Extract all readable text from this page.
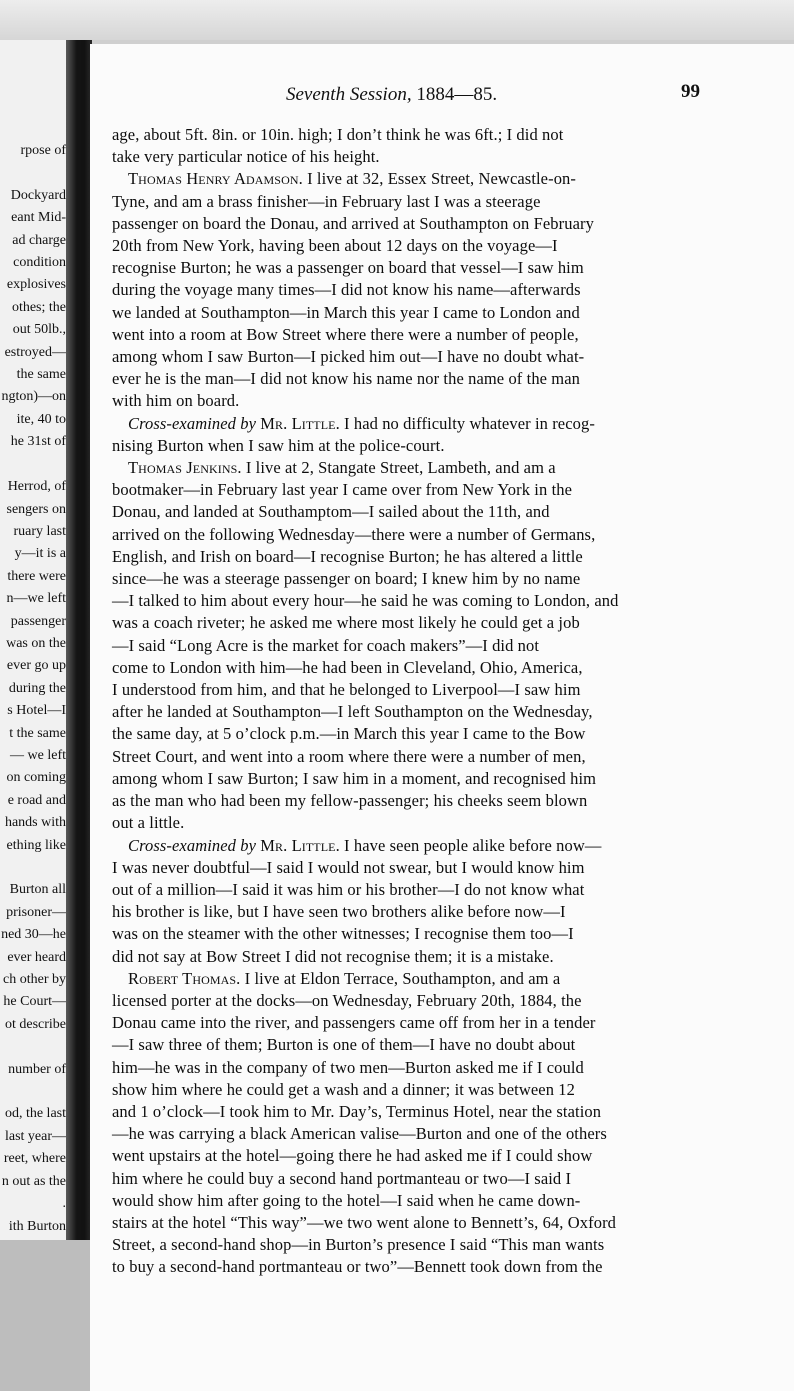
rpose of

Dockyard
eant Mid-
ad charge
condition
explosives
othes; the
out 50lb.,
estroyed—
the same
ngton)—on
ite, 40 to
he 31st of

Herrod, of
sengers on
ruary last
y—it is a
there were
n—we left
passenger
was on the
ever go up
during the
s Hotel—I
t the same
— we left
on coming
e road and
hands with
ething like

Burton all
prisoner—
ned 30—he
ever heard
ch other by
he Court—
ot describe

number of

od, the last
last year—
reet, where
n out as the
.
ith Burton
Seventh Session, 1884—85.	99
age, about 5ft. 8in. or 10in. high; I don’t think he was 6ft.; I did not
take very particular notice of his height.
Thomas Henry Adamson. I live at 32, Essex Street, Newcastle-on-
Tyne, and am a brass finisher—in February last I was a steerage
passenger on board the Donau, and arrived at Southampton on February
20th from New York, having been about 12 days on the voyage—I
recognise Burton; he was a passenger on board that vessel—I saw him
during the voyage many times—I did not know his name—afterwards
we landed at Southampton—in March this year I came to London and
went into a room at Bow Street where there were a number of people,
among whom I saw Burton—I picked him out—I have no doubt what-
ever he is the man—I did not know his name nor the name of the man
with him on board.
Cross-examined by Mr. Little. I had no difficulty whatever in recog-
nising Burton when I saw him at the police-court.
Thomas Jenkins. I live at 2, Stangate Street, Lambeth, and am a
bootmaker—in February last year I came over from New York in the
Donau, and landed at Southamptom—I sailed about the 11th, and
arrived on the following Wednesday—there were a number of Germans,
English, and Irish on board—I recognise Burton; he has altered a little
since—he was a steerage passenger on board; I knew him by no name
—I talked to him about every hour—he said he was coming to London, and
was a coach riveter; he asked me where most likely he could get a job
—I said “Long Acre is the market for coach makers”—I did not
come to London with him—he had been in Cleveland, Ohio, America,
I understood from him, and that he belonged to Liverpool—I saw him
after he landed at Southampton—I left Southampton on the Wednesday,
the same day, at 5 o’clock p.m.—in March this year I came to the Bow
Street Court, and went into a room where there were a number of men,
among whom I saw Burton; I saw him in a moment, and recognised him
as the man who had been my fellow-passenger; his cheeks seem blown
out a little.
Cross-examined by Mr. Little. I have seen people alike before now—
I was never doubtful—I said I would not swear, but I would know him
out of a million—I said it was him or his brother—I do not know what
his brother is like, but I have seen two brothers alike before now—I
was on the steamer with the other witnesses; I recognise them too—I
did not say at Bow Street I did not recognise them; it is a mistake.
Robert Thomas. I live at Eldon Terrace, Southampton, and am a
licensed porter at the docks—on Wednesday, February 20th, 1884, the
Donau came into the river, and passengers came off from her in a tender
—I saw three of them; Burton is one of them—I have no doubt about
him—he was in the company of two men—Burton asked me if I could
show him where he could get a wash and a dinner; it was between 12
and 1 o’clock—I took him to Mr. Day’s, Terminus Hotel, near the station
—he was carrying a black American valise—Burton and one of the others
went upstairs at the hotel—going there he had asked me if I could show
him where he could buy a second hand portmanteau or two—I said I
would show him after going to the hotel—I said when he came down-
stairs at the hotel “This way”—we two went alone to Bennett’s, 64, Oxford
Street, a second-hand shop—in Burton’s presence I said “This man wants
to buy a second-hand portmanteau or two”—Bennett took down from the
